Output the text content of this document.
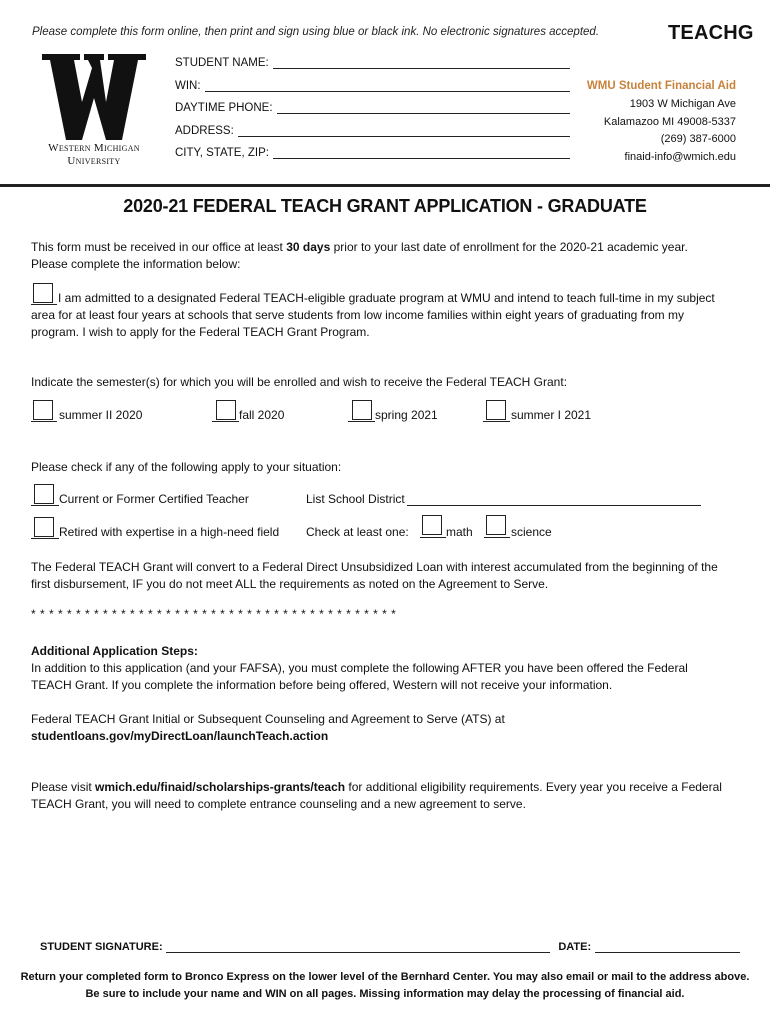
Please complete this form online, then print and sign using blue or black ink. No electronic signatures accepted.	TEACHG
Western Michigan
University
STUDENT NAME:
WIN:
DAYTIME PHONE:
ADDRESS:
CITY, STATE, ZIP:
WMU Student Financial Aid
1903 W Michigan Ave
Kalamazoo MI 49008-5337
(269) 387-6000
finaid-info@wmich.edu
2020-21 FEDERAL TEACH GRANT APPLICATION - GRADUATE
This form must be received in our office at least 30 days prior to your last date of enrollment for the 2020-21 academic year.
Please complete the information below:
I am admitted to a designated Federal TEACH-eligible graduate program at WMU and intend to teach full-time in my subject
area for at least four years at schools that serve students from low income families within eight years of graduating from my
program. I wish to apply for the Federal TEACH Grant Program.
Indicate the semester(s) for which you will be enrolled and wish to receive the Federal TEACH Grant:
summer II 2020	fall 2020	spring 2021	summer I 2021
Please check if any of the following apply to your situation:
Current or Former Certified Teacher	List School District
Retired with expertise in a high-need field Check at least one:	math	science
The Federal TEACH Grant will convert to a Federal Direct Unsubsidized Loan with interest accumulated from the beginning of the
first disbursement, IF you do not meet ALL the requirements as noted on the Agreement to Serve.
* * * * * * * * * * * * * * * * * * * * * * * * * * * * * * * * * * * * * * * * *
Additional Application Steps:
In addition to this application (and your FAFSA), you must complete the following AFTER you have been offered the Federal
TEACH Grant. If you complete the information before being offered, Western will not receive your information.
Federal TEACH Grant Initial or Subsequent Counseling and Agreement to Serve (ATS) at
studentloans.gov/myDirectLoan/launchTeach.action
Please visit wmich.edu/finaid/scholarships-grants/teach for additional eligibility requirements. Every year you receive a Federal
TEACH Grant, you will need to complete entrance counseling and a new agreement to serve.
STUDENT SIGNATURE:	DATE:
Return your completed form to Bronco Express on the lower level of the Bernhard Center. You may also email or mail to the address above.
Be sure to include your name and WIN on all pages. Missing information may delay the processing of financial aid.
